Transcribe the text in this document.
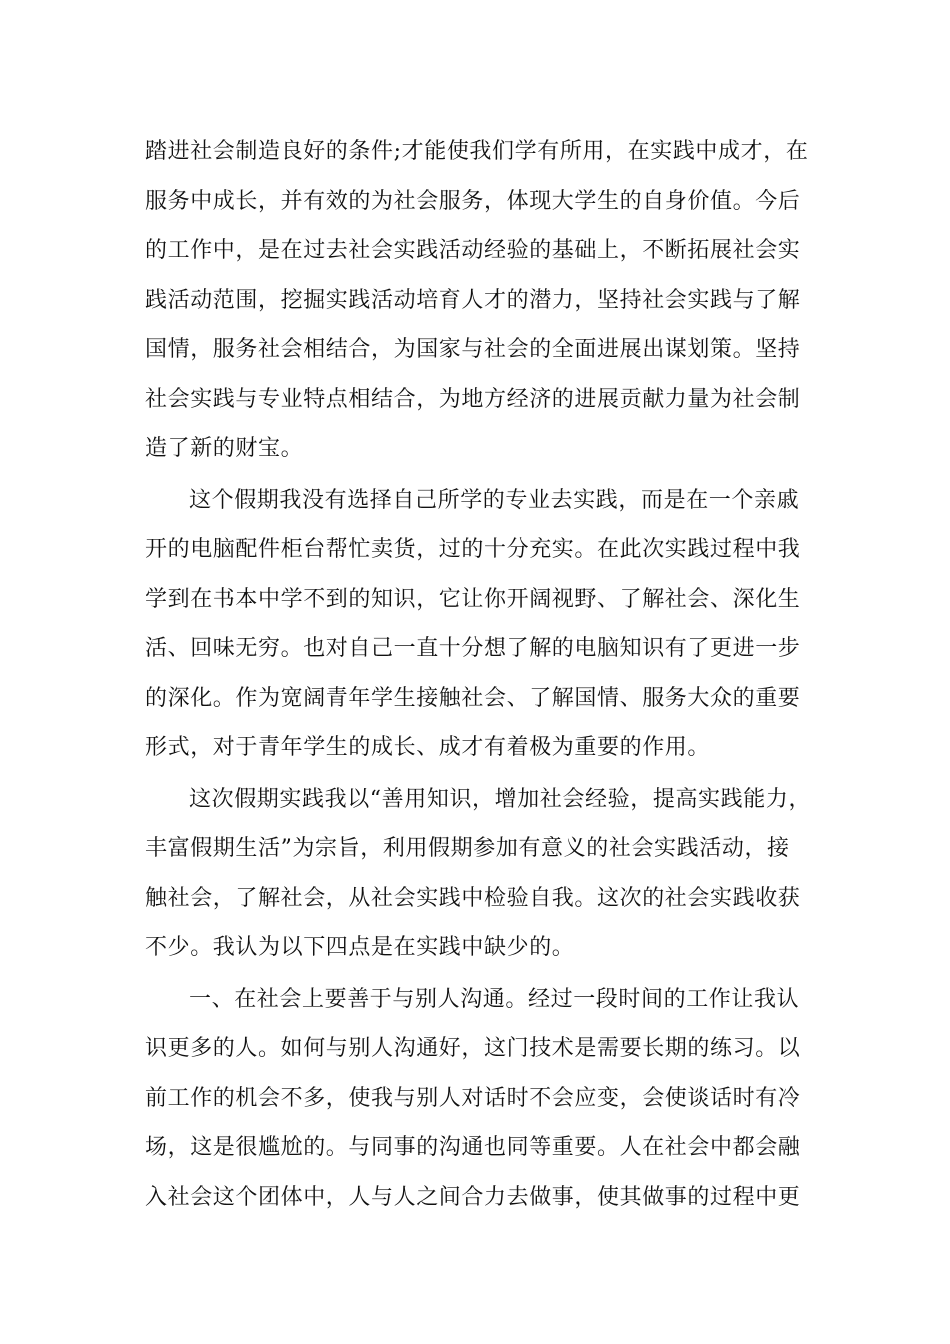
踏进社会制造良好的条件;才能使我们学有所用，在实践中成才，在
服务中成长，并有效的为社会服务，体现大学生的自身价值。今后
的工作中，是在过去社会实践活动经验的基础上，不断拓展社会实
践活动范围，挖掘实践活动培育人才的潜力，坚持社会实践与了解
国情，服务社会相结合，为国家与社会的全面进展出谋划策。坚持
社会实践与专业特点相结合，为地方经济的进展贡献力量为社会制
造了新的财宝。
这个假期我没有选择自己所学的专业去实践，而是在一个亲戚
开的电脑配件柜台帮忙卖货，过的十分充实。在此次实践过程中我
学到在书本中学不到的知识，它让你开阔视野、了解社会、深化生
活、回味无穷。也对自己一直十分想了解的电脑知识有了更进一步
的深化。作为宽阔青年学生接触社会、了解国情、服务大众的重要
形式，对于青年学生的成长、成才有着极为重要的作用。
这次假期实践我以“善用知识，增加社会经验，提高实践能力，
丰富假期生活”为宗旨，利用假期参加有意义的社会实践活动，接
触社会，了解社会，从社会实践中检验自我。这次的社会实践收获
不少。我认为以下四点是在实践中缺少的。
一、在社会上要善于与别人沟通。经过一段时间的工作让我认
识更多的人。如何与别人沟通好，这门技术是需要长期的练习。以
前工作的机会不多，使我与别人对话时不会应变，会使谈话时有冷
场，这是很尴尬的。与同事的沟通也同等重要。人在社会中都会融
入社会这个团体中，人与人之间合力去做事，使其做事的过程中更
